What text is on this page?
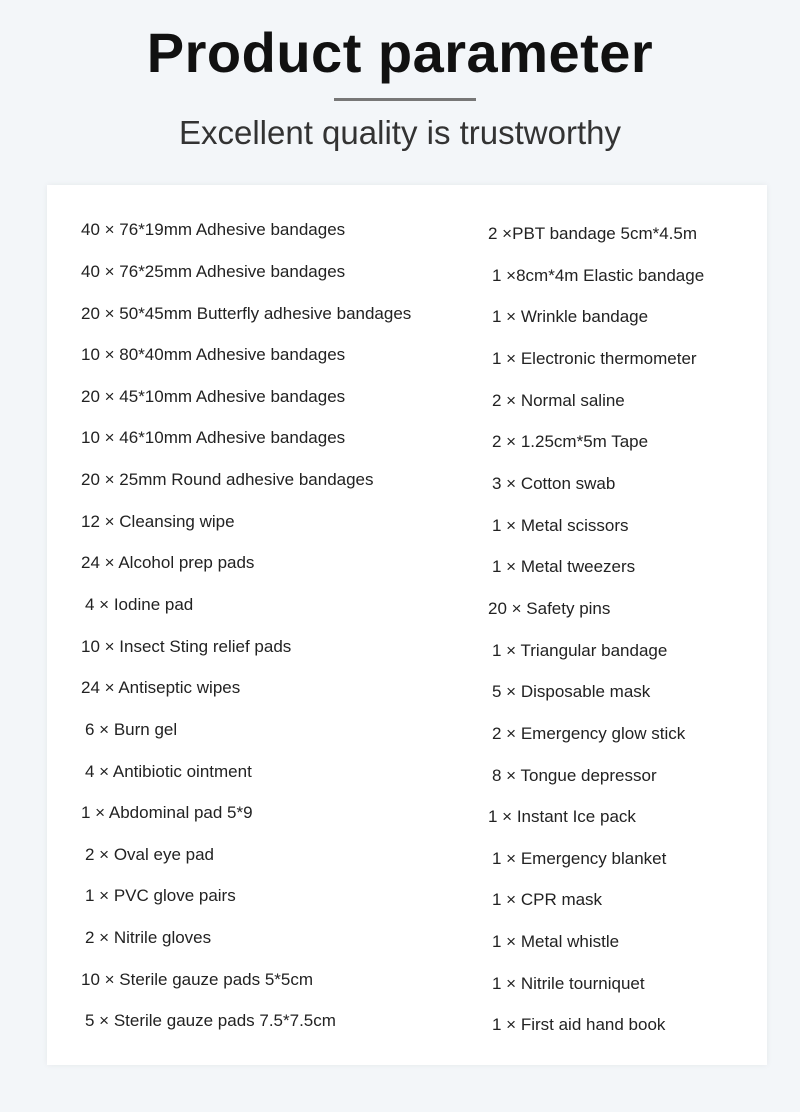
Product parameter
Excellent quality is trustworthy
40 × 76*19mm Adhesive bandages
40 × 76*25mm Adhesive bandages
20 × 50*45mm Butterfly adhesive bandages
10 × 80*40mm Adhesive bandages
20 × 45*10mm Adhesive bandages
10 × 46*10mm Adhesive bandages
20 × 25mm Round adhesive bandages
12 × Cleansing wipe
24 × Alcohol prep pads
4 × Iodine pad
10 × Insect Sting relief pads
24 × Antiseptic wipes
6 × Burn gel
4 × Antibiotic ointment
1 × Abdominal pad 5*9
2 × Oval eye pad
1 × PVC glove pairs
2 × Nitrile gloves
10 × Sterile gauze pads 5*5cm
5 × Sterile gauze pads 7.5*7.5cm
2 ×PBT bandage 5cm*4.5m
1 ×8cm*4m Elastic bandage
1 × Wrinkle bandage
1 × Electronic thermometer
2 × Normal saline
2 × 1.25cm*5m Tape
3 × Cotton swab
1 × Metal scissors
1 × Metal tweezers
20 × Safety pins
1 × Triangular bandage
5 × Disposable mask
2 × Emergency glow stick
8 × Tongue depressor
1 × Instant Ice pack
1 × Emergency blanket
1 × CPR mask
1 × Metal whistle
1 × Nitrile tourniquet
1 × First aid hand book
